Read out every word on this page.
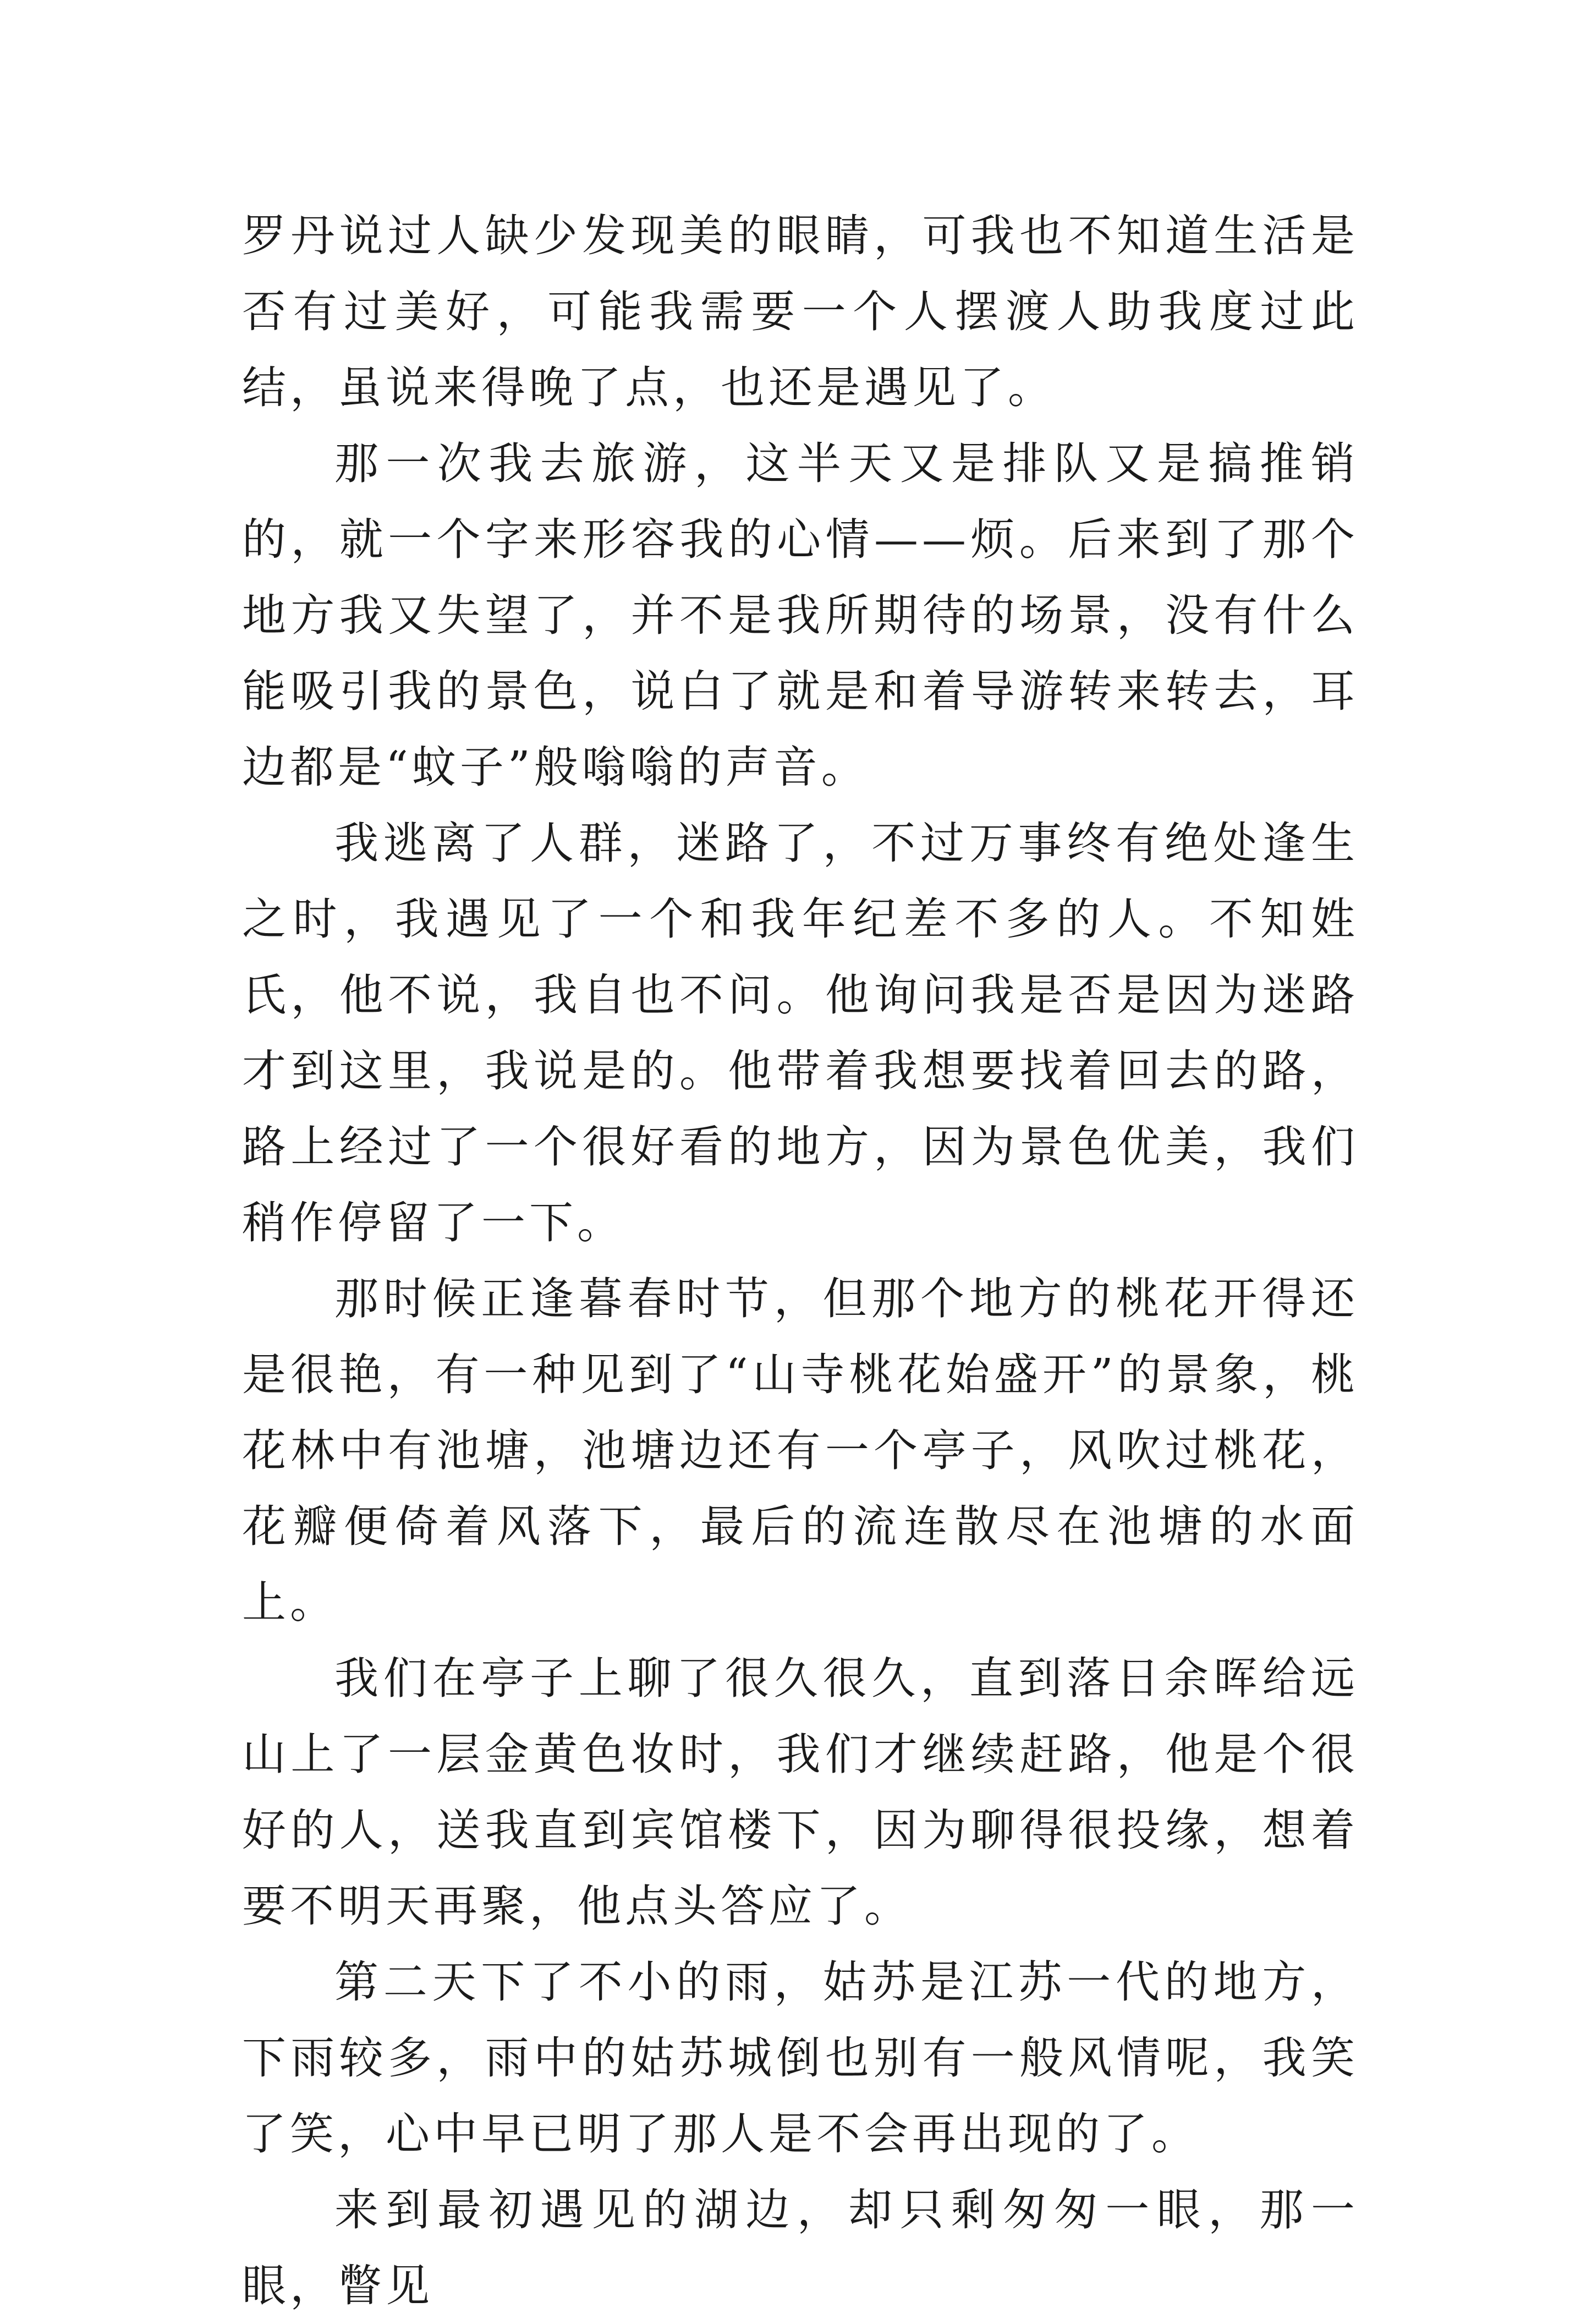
罗丹说过人缺少发现美的眼睛，可我也不知道生活是否有过美好，可能我需要一个人摆渡人助我度过此结，虽说来得晚了点，也还是遇见了。

那一次我去旅游，这半天又是排队又是搞推销的，就一个字来形容我的心情——烦。后来到了那个地方我又失望了，并不是我所期待的场景，没有什么能吸引我的景色，说白了就是和着导游转来转去，耳边都是“蚊子”般嗡嗡的声音。

我逃离了人群，迷路了，不过万事终有绝处逢生之时，我遇见了一个和我年纪差不多的人。不知姓氏，他不说，我自也不问。他询问我是否是因为迷路才到这里，我说是的。他带着我想要找着回去的路，路上经过了一个很好看的地方，因为景色优美，我们稍作停留了一下。

那时候正逢暮春时节，但那个地方的桃花开得还是很艳，有一种见到了“山寺桃花始盛开”的景象，桃花林中有池塘，池塘边还有一个亭子，风吹过桃花，花瓣便倚着风落下，最后的流连散尽在池塘的水面上。

我们在亭子上聊了很久很久，直到落日余晖给远山上了一层金黄色妆时，我们才继续赶路，他是个很好的人，送我直到宾馆楼下，因为聊得很投缘，想着要不明天再聚，他点头答应了。

第二天下了不小的雨，姑苏是江苏一代的地方，下雨较多，雨中的姑苏城倒也别有一般风情呢，我笑了笑，心中早已明了那人是不会再出现的了。

来到最初遇见的湖边，却只剩匆匆一眼，那一眼，瞥见
